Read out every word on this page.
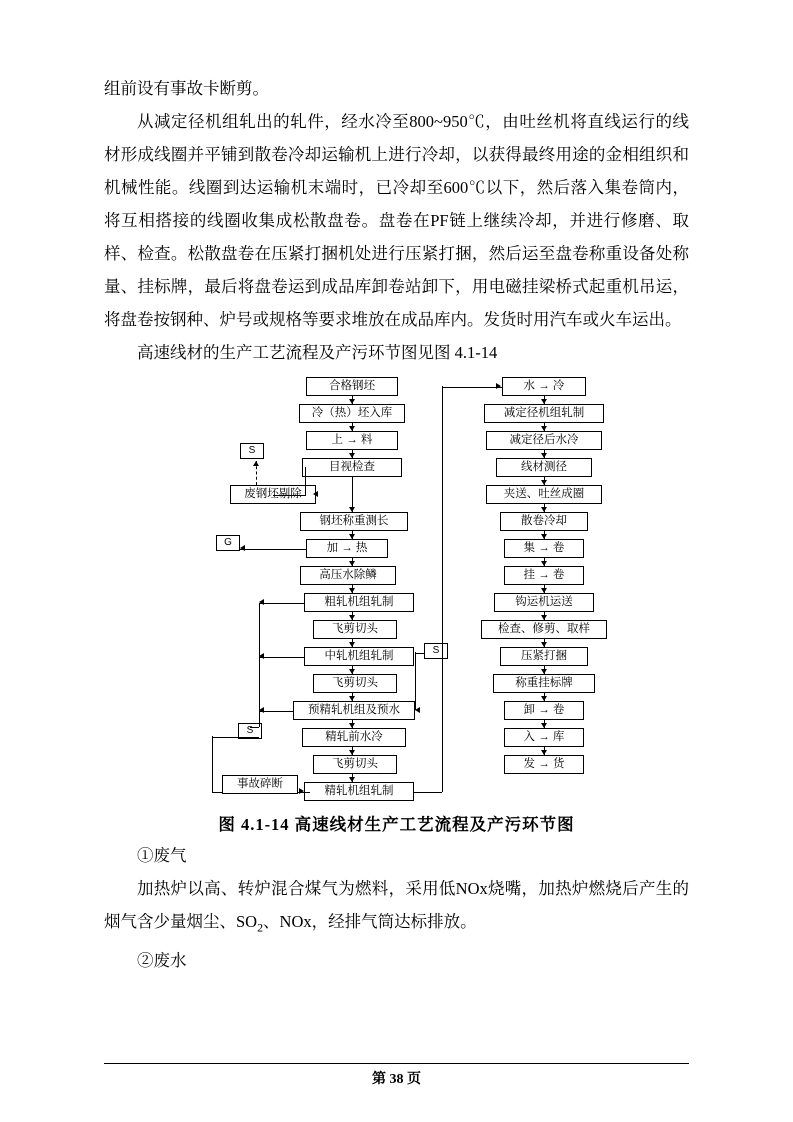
组前设有事故卡断剪。

从减定径机组轧出的轧件，经水冷至800~950℃，由吐丝机将直线运行的线材形成线圈并平铺到散卷冷却运输机上进行冷却，以获得最终用途的金相组织和机械性能。线圈到达运输机末端时，已冷却至600℃以下，然后落入集卷筒内，将互相搭接的线圈收集成松散盘卷。盘卷在PF链上继续冷却，并进行修磨、取样、检查。松散盘卷在压紧打捆机处进行压紧打捆，然后运至盘卷称重设备处称量、挂标牌，最后将盘卷运到成品库卸卷站卸下，用电磁挂梁桥式起重机吊运，将盘卷按钢种、炉号或规格等要求堆放在成品库内。发货时用汽车或火车运出。

高速线材的生产工艺流程及产污环节图见图 4.1-14

合格钢坯
冷（热）坯入库
上 → 料
目视检查
废钢坯剔除
钢坯称重测长
加 → 热
高压水除鳞
粗轧机组轧制
飞剪切头
中轧机组轧制
飞剪切头
预精轧机组及预水
精轧前水冷
飞剪切头
事故碎断
精轧机组轧制
S
G
S
S
水 → 冷
减定径机组轧制
减定径后水冷
线材测径
夹送、吐丝成圈
散卷冷却
集 → 卷
挂 → 卷
钩运机运送
检查、修剪、取样
压紧打捆
称重挂标牌
卸 → 卷
入 → 库
发 → 货
图 4.1-14 高速线材生产工艺流程及产污环节图

①废气

加热炉以高、转炉混合煤气为燃料，采用低NOx烧嘴，加热炉燃烧后产生的烟气含少量烟尘、$SO_2$、NOx，经排气筒达标排放。

②废水

第 38 页
